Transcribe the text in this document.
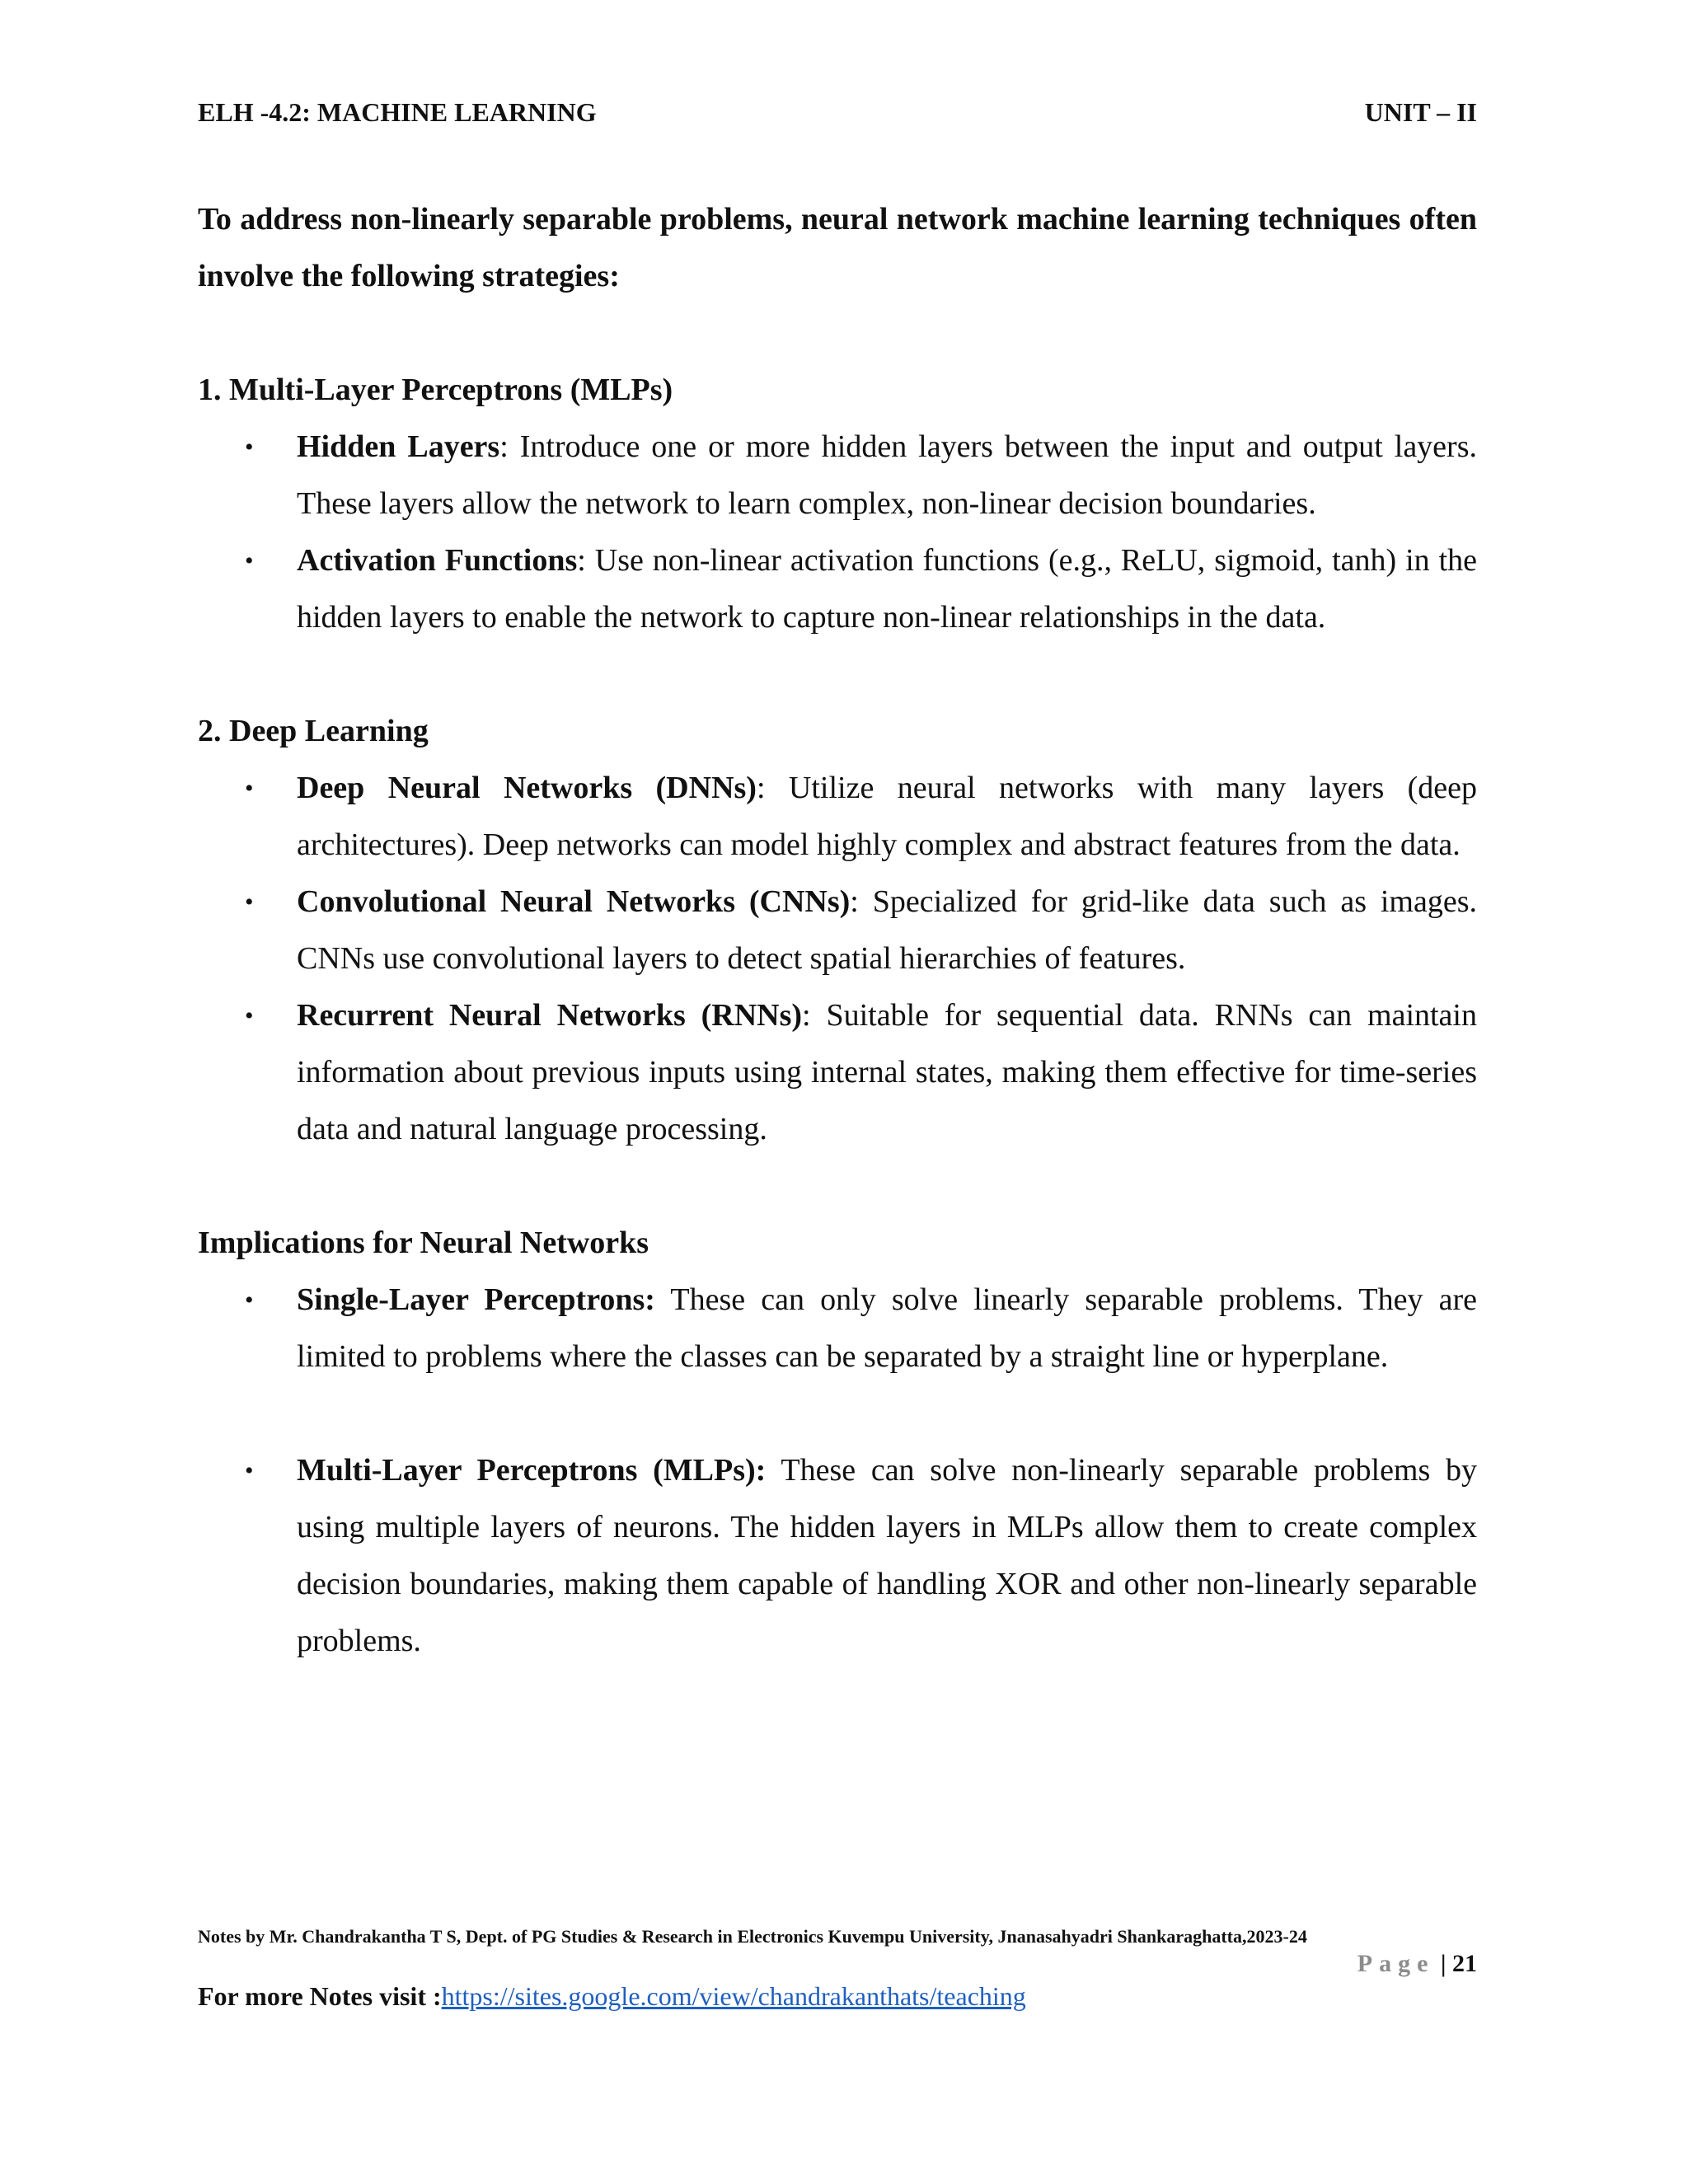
ELH -4.2: MACHINE LEARNING	UNIT – II

To address non-linearly separable problems, neural network machine learning techniques often involve the following strategies:

1. Multi-Layer Perceptrons (MLPs)

• Hidden Layers: Introduce one or more hidden layers between the input and output layers. These layers allow the network to learn complex, non-linear decision boundaries.
• Activation Functions: Use non-linear activation functions (e.g., ReLU, sigmoid, tanh) in the hidden layers to enable the network to capture non-linear relationships in the data.

2. Deep Learning

• Deep Neural Networks (DNNs): Utilize neural networks with many layers (deep architectures). Deep networks can model highly complex and abstract features from the data.
• Convolutional Neural Networks (CNNs): Specialized for grid-like data such as images. CNNs use convolutional layers to detect spatial hierarchies of features.
• Recurrent Neural Networks (RNNs): Suitable for sequential data. RNNs can maintain information about previous inputs using internal states, making them effective for time-series data and natural language processing.

Implications for Neural Networks

• Single-Layer Perceptrons: These can only solve linearly separable problems. They are limited to problems where the classes can be separated by a straight line or hyperplane.
• Multi-Layer Perceptrons (MLPs): These can solve non-linearly separable problems by using multiple layers of neurons. The hidden layers in MLPs allow them to create complex decision boundaries, making them capable of handling XOR and other non-linearly separable problems.
Notes by Mr. Chandrakantha T S, Dept. of PG Studies & Research in Electronics Kuvempu University, Jnanasahyadri Shankaraghatta,2023-24
Page | 21
For more Notes visit :https://sites.google.com/view/chandrakanthats/teaching
